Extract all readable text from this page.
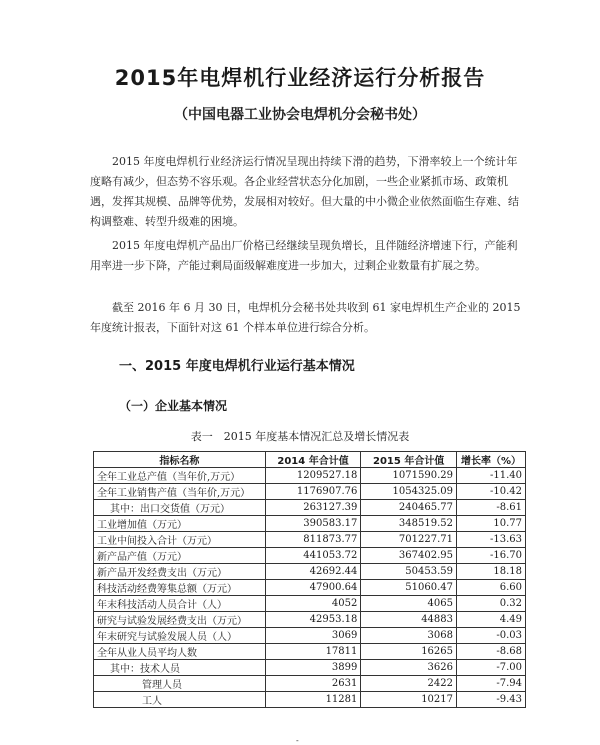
2015年电焊机行业经济运行分析报告
（中国电器工业协会电焊机分会秘书处）

2015 年度电焊机行业经济运行情况呈现出持续下滑的趋势，下滑率较上一个统计年度略有减少，但态势不容乐观。各企业经营状态分化加剧，一些企业紧抓市场、政策机遇，发挥其规模、品牌等优势，发展相对较好。但大量的中小微企业依然面临生存难、结构调整难、转型升级难的困境。

2015 年度电焊机产品出厂价格已经继续呈现负增长，且伴随经济增速下行，产能利用率进一步下降，产能过剩局面级解难度进一步加大，过剩企业数量有扩展之势。

截至 2016 年 6 月 30 日，电焊机分会秘书处共收到 61 家电焊机生产企业的 2015 年度统计报表，下面针对这 61 个样本单位进行综合分析。

一、2015 年度电焊机行业运行基本情况
（一）企业基本情况
表一　2015 年度基本情况汇总及增长情况表
指标名称	2014 年合计值	2015 年合计值	增长率（%）
全年工业总产值（当年价,万元）	1209527.18	1071590.29	-11.40
全年工业销售产值（当年价,万元）	1176907.76	1054325.09	-10.42
其中：出口交货值（万元）	263127.39	240465.77	-8.61
工业增加值（万元）	390583.17	348519.52	10.77
工业中间投入合计（万元）	811873.77	701227.71	-13.63
新产品产值（万元）	441053.72	367402.95	-16.70
新产品开发经费支出（万元）	42692.44	50453.59	18.18
科技活动经费筹集总额（万元）	47900.64	51060.47	6.60
年末科技活动人员合计（人）	4052	4065	0.32
研究与试验发展经费支出（万元）	42953.18	44883	4.49
年末研究与试验发展人员（人）	3069	3068	-0.03
全年从业人员平均人数	17811	16265	-8.68
其中：技术人员	3899	3626	-7.00
管理人员	2631	2422	-7.94
工人	11281	10217	-9.43
-
